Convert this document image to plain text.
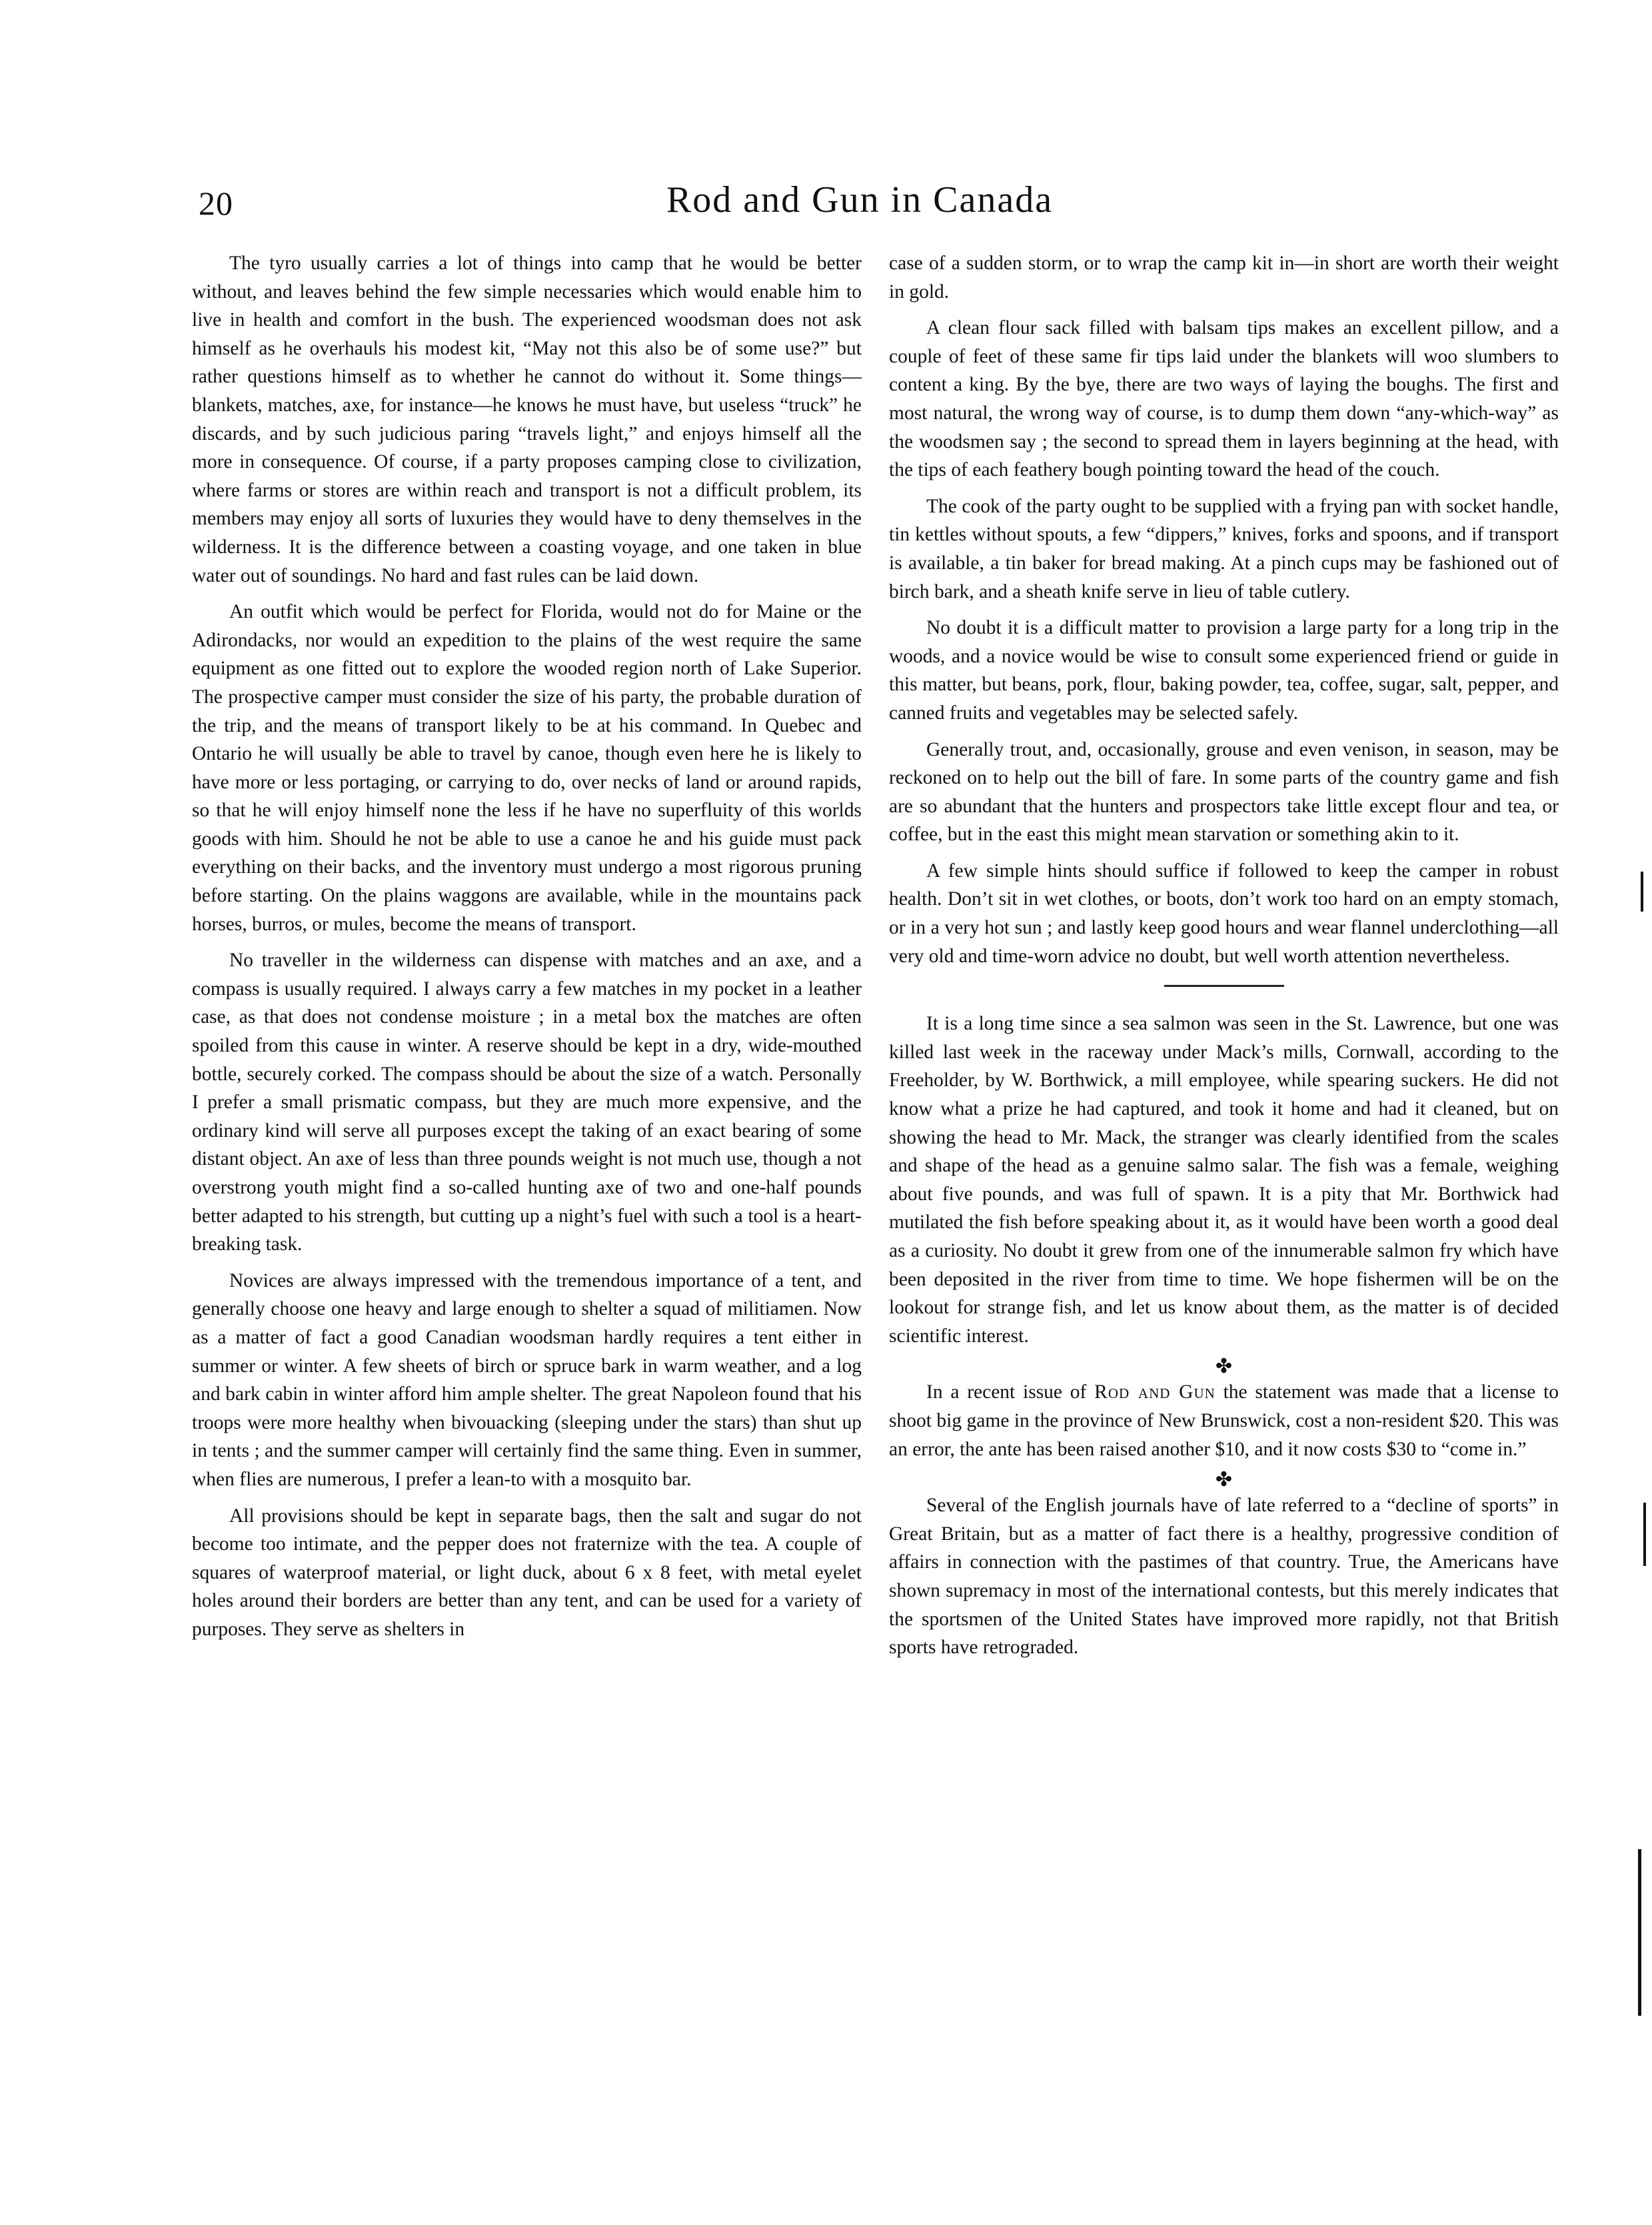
20	Rod and Gun in Canada

The tyro usually carries a lot of things into camp that he would be better without, and leaves behind the few simple necessaries which would enable him to live in health and comfort in the bush. The experienced woodsman does not ask himself as he overhauls his modest kit, “May not this also be of some use?” but rather questions himself as to whether he cannot do without it. Some things—blankets, matches, axe, for instance—he knows he must have, but useless “truck” he discards, and by such judicious paring “travels light,” and enjoys himself all the more in consequence. Of course, if a party proposes camping close to civilization, where farms or stores are within reach and transport is not a difficult problem, its members may enjoy all sorts of luxuries they would have to deny themselves in the wilderness. It is the difference between a coasting voyage, and one taken in blue water out of soundings. No hard and fast rules can be laid down.

An outfit which would be perfect for Florida, would not do for Maine or the Adirondacks, nor would an expedition to the plains of the west require the same equipment as one fitted out to explore the wooded region north of Lake Superior. The prospective camper must consider the size of his party, the probable duration of the trip, and the means of transport likely to be at his command. In Quebec and Ontario he will usually be able to travel by canoe, though even here he is likely to have more or less portaging, or carrying to do, over necks of land or around rapids, so that he will enjoy himself none the less if he have no superfluity of this worlds goods with him. Should he not be able to use a canoe he and his guide must pack everything on their backs, and the inventory must undergo a most rigorous pruning before starting. On the plains waggons are available, while in the mountains pack horses, burros, or mules, become the means of transport.

No traveller in the wilderness can dispense with matches and an axe, and a compass is usually required. I always carry a few matches in my pocket in a leather case, as that does not condense moisture ; in a metal box the matches are often spoiled from this cause in winter. A reserve should be kept in a dry, wide-mouthed bottle, securely corked. The compass should be about the size of a watch. Personally I prefer a small prismatic compass, but they are much more expensive, and the ordinary kind will serve all purposes except the taking of an exact bearing of some distant object. An axe of less than three pounds weight is not much use, though a not overstrong youth might find a so-called hunting axe of two and one-half pounds better adapted to his strength, but cutting up a night’s fuel with such a tool is a heart-breaking task.

Novices are always impressed with the tremendous importance of a tent, and generally choose one heavy and large enough to shelter a squad of militiamen. Now as a matter of fact a good Canadian woodsman hardly requires a tent either in summer or winter. A few sheets of birch or spruce bark in warm weather, and a log and bark cabin in winter afford him ample shelter. The great Napoleon found that his troops were more healthy when bivouacking (sleeping under the stars) than shut up in tents ; and the summer camper will certainly find the same thing. Even in summer, when flies are numerous, I prefer a lean-to with a mosquito bar.

All provisions should be kept in separate bags, then the salt and sugar do not become too intimate, and the pepper does not fraternize with the tea. A couple of squares of waterproof material, or light duck, about 6 x 8 feet, with metal eyelet holes around their borders are better than any tent, and can be used for a variety of purposes. They serve as shelters in

case of a sudden storm, or to wrap the camp kit in—in short are worth their weight in gold.

A clean flour sack filled with balsam tips makes an excellent pillow, and a couple of feet of these same fir tips laid under the blankets will woo slumbers to content a king. By the bye, there are two ways of laying the boughs. The first and most natural, the wrong way of course, is to dump them down “any-which-way” as the woodsmen say ; the second to spread them in layers beginning at the head, with the tips of each feathery bough pointing toward the head of the couch.

The cook of the party ought to be supplied with a frying pan with socket handle, tin kettles without spouts, a few “dippers,” knives, forks and spoons, and if transport is available, a tin baker for bread making. At a pinch cups may be fashioned out of birch bark, and a sheath knife serve in lieu of table cutlery.

No doubt it is a difficult matter to provision a large party for a long trip in the woods, and a novice would be wise to consult some experienced friend or guide in this matter, but beans, pork, flour, baking powder, tea, coffee, sugar, salt, pepper, and canned fruits and vegetables may be selected safely.

Generally trout, and, occasionally, grouse and even venison, in season, may be reckoned on to help out the bill of fare. In some parts of the country game and fish are so abundant that the hunters and prospectors take little except flour and tea, or coffee, but in the east this might mean starvation or something akin to it.

A few simple hints should suffice if followed to keep the camper in robust health. Don’t sit in wet clothes, or boots, don’t work too hard on an empty stomach, or in a very hot sun ; and lastly keep good hours and wear flannel underclothing—all very old and time-worn advice no doubt, but well worth attention nevertheless.

It is a long time since a sea salmon was seen in the St. Lawrence, but one was killed last week in the raceway under Mack’s mills, Cornwall, according to the Freeholder, by W. Borthwick, a mill employee, while spearing suckers. He did not know what a prize he had captured, and took it home and had it cleaned, but on showing the head to Mr. Mack, the stranger was clearly identified from the scales and shape of the head as a genuine salmo salar. The fish was a female, weighing about five pounds, and was full of spawn. It is a pity that Mr. Borthwick had mutilated the fish before speaking about it, as it would have been worth a good deal as a curiosity. No doubt it grew from one of the innumerable salmon fry which have been deposited in the river from time to time. We hope fishermen will be on the lookout for strange fish, and let us know about them, as the matter is of decided scientific interest.

✤

In a recent issue of Rod and Gun the statement was made that a license to shoot big game in the province of New Brunswick, cost a non-resident $20. This was an error, the ante has been raised another $10, and it now costs $30 to “come in.”

✤

Several of the English journals have of late referred to a “decline of sports” in Great Britain, but as a matter of fact there is a healthy, progressive condition of affairs in connection with the pastimes of that country. True, the Americans have shown supremacy in most of the international contests, but this merely indicates that the sportsmen of the United States have improved more rapidly, not that British sports have retrograded.
